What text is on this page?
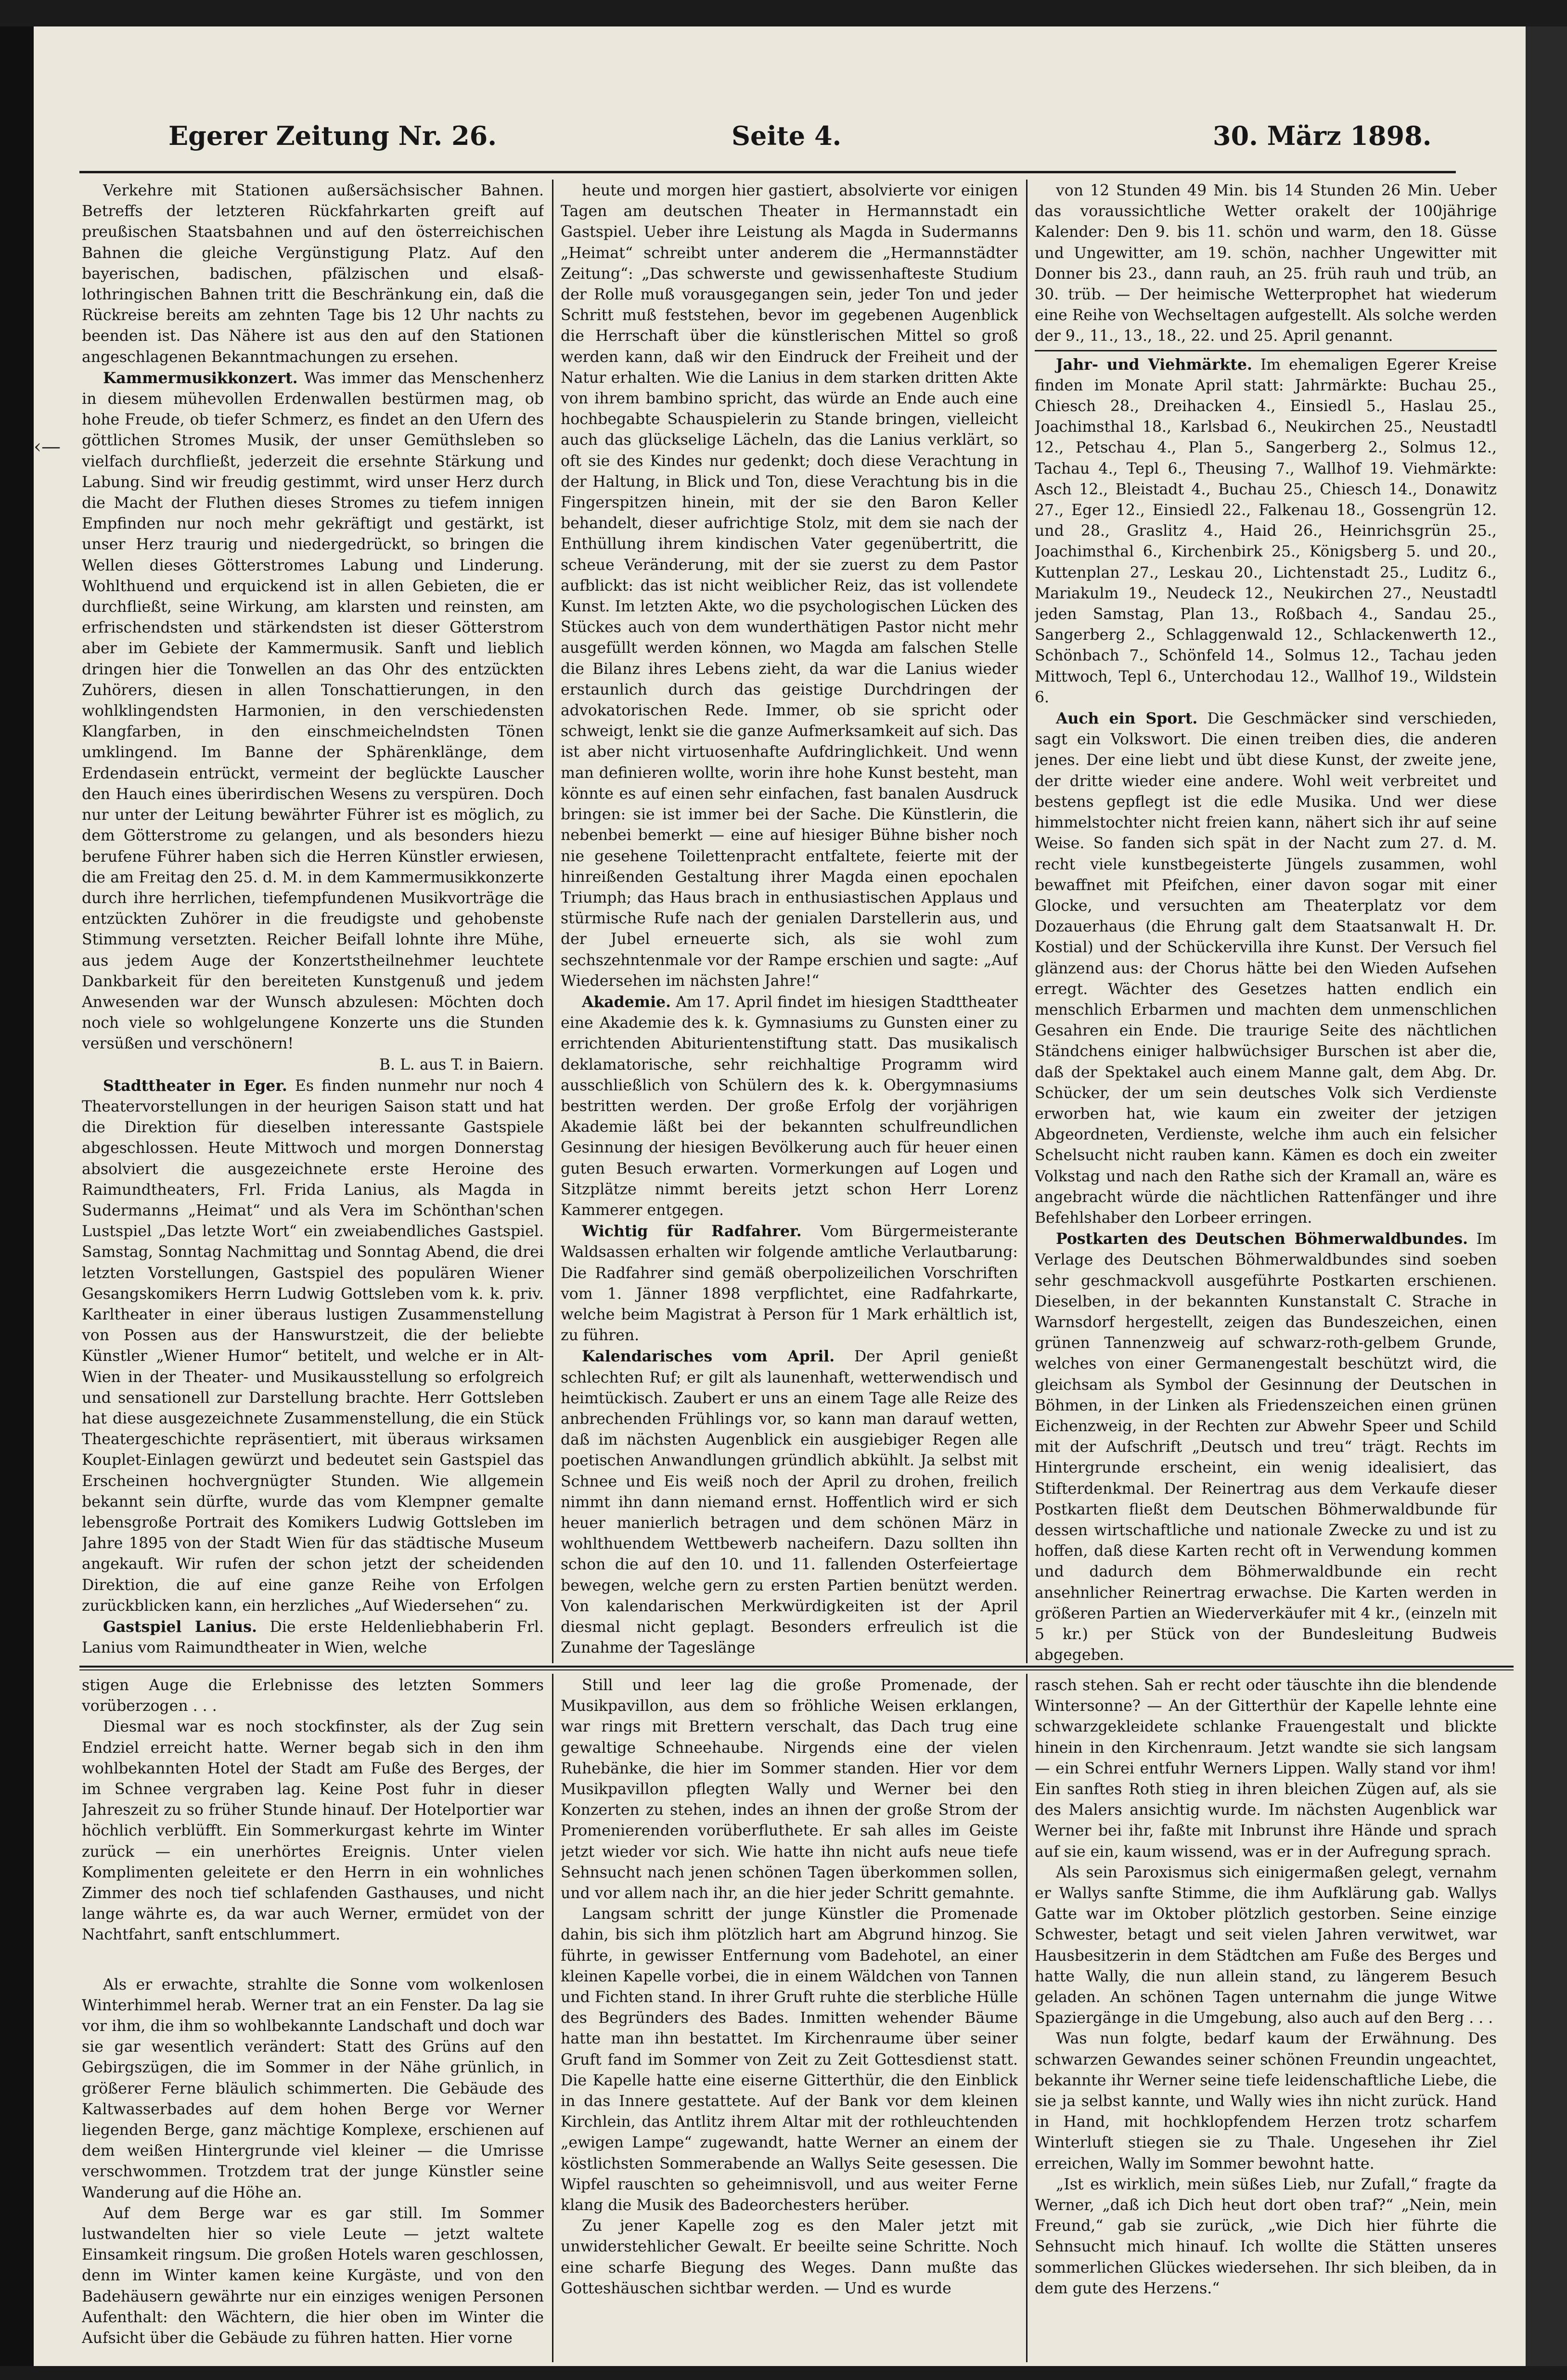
Egerer Zeitung Nr. 26.	Seite 4.	30. März 1898.
‹—

Verkehre mit Stationen außersächsischer Bahnen. Betreffs der letzteren Rückfahrkarten greift auf preußischen Staatsbahnen und auf den österreichischen Bahnen die gleiche Vergünstigung Platz. Auf den bayerischen, badischen, pfälzischen und elsaß-lothringischen Bahnen tritt die Beschränkung ein, daß die Rückreise bereits am zehnten Tage bis 12 Uhr nachts zu beenden ist. Das Nähere ist aus den auf den Stationen angeschlagenen Bekanntmachungen zu ersehen.

Kammermusikkonzert. Was immer das Menschenherz in diesem mühevollen Erdenwallen bestürmen mag, ob hohe Freude, ob tiefer Schmerz, es findet an den Ufern des göttlichen Stromes Musik, der unser Gemüthsleben so vielfach durchfließt, jederzeit die ersehnte Stärkung und Labung. Sind wir freudig gestimmt, wird unser Herz durch die Macht der Fluthen dieses Stromes zu tiefem innigen Empfinden nur noch mehr gekräftigt und gestärkt, ist unser Herz traurig und niedergedrückt, so bringen die Wellen dieses Götterstromes Labung und Linderung. Wohlthuend und erquickend ist in allen Gebieten, die er durchfließt, seine Wirkung, am klarsten und reinsten, am erfrischendsten und stärkendsten ist dieser Götterstrom aber im Gebiete der Kammermusik. Sanft und lieblich dringen hier die Tonwellen an das Ohr des entzückten Zuhörers, diesen in allen Tonschattierungen, in den wohlklingendsten Harmonien, in den verschiedensten Klangfarben, in den einschmeichelndsten Tönen umklingend. Im Banne der Sphärenklänge, dem Erdendasein entrückt, vermeint der beglückte Lauscher den Hauch eines überirdischen Wesens zu verspüren. Doch nur unter der Leitung bewährter Führer ist es möglich, zu dem Götterstrome zu gelangen, und als besonders hiezu berufene Führer haben sich die Herren Künstler erwiesen, die am Freitag den 25. d. M. in dem Kammermusikkonzerte durch ihre herrlichen, tiefempfundenen Musikvorträge die entzückten Zuhörer in die freudigste und gehobenste Stimmung versetzten. Reicher Beifall lohnte ihre Mühe, aus jedem Auge der Konzertstheilnehmer leuchtete Dankbarkeit für den bereiteten Kunstgenuß und jedem Anwesenden war der Wunsch abzulesen: Möchten doch noch viele so wohlgelungene Konzerte uns die Stunden versüßen und verschönern!

B. L. aus T. in Baiern.

Stadttheater in Eger. Es finden nunmehr nur noch 4 Theatervorstellungen in der heurigen Saison statt und hat die Direktion für dieselben interessante Gastspiele abgeschlossen. Heute Mittwoch und morgen Donnerstag absolviert die ausgezeichnete erste Heroine des Raimundtheaters, Frl. Frida Lanius, als Magda in Sudermanns „Heimat“ und als Vera im Schönthan'schen Lustspiel „Das letzte Wort“ ein zweiabendliches Gastspiel. Samstag, Sonntag Nachmittag und Sonntag Abend, die drei letzten Vorstellungen, Gastspiel des populären Wiener Gesangskomikers Herrn Ludwig Gottsleben vom k. k. priv. Karltheater in einer überaus lustigen Zusammenstellung von Possen aus der Hanswurstzeit, die der beliebte Künstler „Wiener Humor“ betitelt, und welche er in Alt-Wien in der Theater- und Musikausstellung so erfolgreich und sensationell zur Darstellung brachte. Herr Gottsleben hat diese ausgezeichnete Zusammenstellung, die ein Stück Theatergeschichte repräsentiert, mit überaus wirksamen Kouplet-Einlagen gewürzt und bedeutet sein Gastspiel das Erscheinen hochvergnügter Stunden. Wie allgemein bekannt sein dürfte, wurde das vom Klempner gemalte lebensgroße Portrait des Komikers Ludwig Gottsleben im Jahre 1895 von der Stadt Wien für das städtische Museum angekauft. Wir rufen der schon jetzt der scheidenden Direktion, die auf eine ganze Reihe von Erfolgen zurückblicken kann, ein herzliches „Auf Wiedersehen“ zu.

Gastspiel Lanius. Die erste Heldenliebhaberin Frl. Lanius vom Raimundtheater in Wien, welche

heute und morgen hier gastiert, absolvierte vor einigen Tagen am deutschen Theater in Hermannstadt ein Gastspiel. Ueber ihre Leistung als Magda in Sudermanns „Heimat“ schreibt unter anderem die „Hermannstädter Zeitung“: „Das schwerste und gewissenhafteste Studium der Rolle muß vorausgegangen sein, jeder Ton und jeder Schritt muß feststehen, bevor im gegebenen Augenblick die Herrschaft über die künstlerischen Mittel so groß werden kann, daß wir den Eindruck der Freiheit und der Natur erhalten. Wie die Lanius in dem starken dritten Akte von ihrem bambino spricht, das würde an Ende auch eine hochbegabte Schauspielerin zu Stande bringen, vielleicht auch das glückselige Lächeln, das die Lanius verklärt, so oft sie des Kindes nur gedenkt; doch diese Verachtung in der Haltung, in Blick und Ton, diese Verachtung bis in die Fingerspitzen hinein, mit der sie den Baron Keller behandelt, dieser aufrichtige Stolz, mit dem sie nach der Enthüllung ihrem kindischen Vater gegenübertritt, die scheue Veränderung, mit der sie zuerst zu dem Pastor aufblickt: das ist nicht weiblicher Reiz, das ist vollendete Kunst. Im letzten Akte, wo die psychologischen Lücken des Stückes auch von dem wunderthätigen Pastor nicht mehr ausgefüllt werden können, wo Magda am falschen Stelle die Bilanz ihres Lebens zieht, da war die Lanius wieder erstaunlich durch das geistige Durchdringen der advokatorischen Rede. Immer, ob sie spricht oder schweigt, lenkt sie die ganze Aufmerksamkeit auf sich. Das ist aber nicht virtuosenhafte Aufdringlichkeit. Und wenn man definieren wollte, worin ihre hohe Kunst besteht, man könnte es auf einen sehr einfachen, fast banalen Ausdruck bringen: sie ist immer bei der Sache. Die Künstlerin, die nebenbei bemerkt — eine auf hiesiger Bühne bisher noch nie gesehene Toilettenpracht entfaltete, feierte mit der hinreißenden Gestaltung ihrer Magda einen epochalen Triumph; das Haus brach in enthusiastischen Applaus und stürmische Rufe nach der genialen Darstellerin aus, und der Jubel erneuerte sich, als sie wohl zum sechszehntenmale vor der Rampe erschien und sagte: „Auf Wiedersehen im nächsten Jahre!“

Akademie. Am 17. April findet im hiesigen Stadttheater eine Akademie des k. k. Gymnasiums zu Gunsten einer zu errichtenden Abiturientenstiftung statt. Das musikalisch deklamatorische, sehr reichhaltige Programm wird ausschließlich von Schülern des k. k. Obergymnasiums bestritten werden. Der große Erfolg der vorjährigen Akademie läßt bei der bekannten schulfreundlichen Gesinnung der hiesigen Bevölkerung auch für heuer einen guten Besuch erwarten. Vormerkungen auf Logen und Sitzplätze nimmt bereits jetzt schon Herr Lorenz Kammerer entgegen.

Wichtig für Radfahrer. Vom Bürgermeisterante Waldsassen erhalten wir folgende amtliche Verlautbarung: Die Radfahrer sind gemäß oberpolizeilichen Vorschriften vom 1. Jänner 1898 verpflichtet, eine Radfahrkarte, welche beim Magistrat à Person für 1 Mark erhältlich ist, zu führen.

Kalendarisches vom April. Der April genießt schlechten Ruf; er gilt als launenhaft, wetterwendisch und heimtückisch. Zaubert er uns an einem Tage alle Reize des anbrechenden Frühlings vor, so kann man darauf wetten, daß im nächsten Augenblick ein ausgiebiger Regen alle poetischen Anwandlungen gründlich abkühlt. Ja selbst mit Schnee und Eis weiß noch der April zu drohen, freilich nimmt ihn dann niemand ernst. Hoffentlich wird er sich heuer manierlich betragen und dem schönen März in wohlthuendem Wettbewerb nacheifern. Dazu sollten ihn schon die auf den 10. und 11. fallenden Osterfeiertage bewegen, welche gern zu ersten Partien benützt werden. Von kalendarischen Merkwürdigkeiten ist der April diesmal nicht geplagt. Besonders erfreulich ist die Zunahme der Tageslänge

von 12 Stunden 49 Min. bis 14 Stunden 26 Min. Ueber das voraussichtliche Wetter orakelt der 100jährige Kalender: Den 9. bis 11. schön und warm, den 18. Güsse und Ungewitter, am 19. schön, nachher Ungewitter mit Donner bis 23., dann rauh, an 25. früh rauh und trüb, an 30. trüb. — Der heimische Wetterprophet hat wiederum eine Reihe von Wechseltagen aufgestellt. Als solche werden der 9., 11., 13., 18., 22. und 25. April genannt.

Jahr- und Viehmärkte. Im ehemaligen Egerer Kreise finden im Monate April statt: Jahrmärkte: Buchau 25., Chiesch 28., Dreihacken 4., Einsiedl 5., Haslau 25., Joachimsthal 18., Karlsbad 6., Neukirchen 25., Neustadtl 12., Petschau 4., Plan 5., Sangerberg 2., Solmus 12., Tachau 4., Tepl 6., Theusing 7., Wallhof 19. Viehmärkte: Asch 12., Bleistadt 4., Buchau 25., Chiesch 14., Donawitz 27., Eger 12., Einsiedl 22., Falkenau 18., Gossengrün 12. und 28., Graslitz 4., Haid 26., Heinrichsgrün 25., Joachimsthal 6., Kirchenbirk 25., Königsberg 5. und 20., Kuttenplan 27., Leskau 20., Lichtenstadt 25., Luditz 6., Mariakulm 19., Neudeck 12., Neukirchen 27., Neustadtl jeden Samstag, Plan 13., Roßbach 4., Sandau 25., Sangerberg 2., Schlaggenwald 12., Schlackenwerth 12., Schönbach 7., Schönfeld 14., Solmus 12., Tachau jeden Mittwoch, Tepl 6., Unterchodau 12., Wallhof 19., Wildstein 6.

Auch ein Sport. Die Geschmäcker sind verschieden, sagt ein Volkswort. Die einen treiben dies, die anderen jenes. Der eine liebt und übt diese Kunst, der zweite jene, der dritte wieder eine andere. Wohl weit verbreitet und bestens gepflegt ist die edle Musika. Und wer diese himmelstochter nicht freien kann, nähert sich ihr auf seine Weise. So fanden sich spät in der Nacht zum 27. d. M. recht viele kunstbegeisterte Jüngels zusammen, wohl bewaffnet mit Pfeifchen, einer davon sogar mit einer Glocke, und versuchten am Theaterplatz vor dem Dozauerhaus (die Ehrung galt dem Staatsanwalt H. Dr. Kostial) und der Schückervilla ihre Kunst. Der Versuch fiel glänzend aus: der Chorus hätte bei den Wieden Aufsehen erregt. Wächter des Gesetzes hatten endlich ein menschlich Erbarmen und machten dem unmenschlichen Gesahren ein Ende. Die traurige Seite des nächtlichen Ständchens einiger halbwüchsiger Burschen ist aber die, daß der Spektakel auch einem Manne galt, dem Abg. Dr. Schücker, der um sein deutsches Volk sich Verdienste erworben hat, wie kaum ein zweiter der jetzigen Abgeordneten, Verdienste, welche ihm auch ein felsicher Schelsucht nicht rauben kann. Kämen es doch ein zweiter Volkstag und nach den Rathe sich der Kramall an, wäre es angebracht würde die nächtlichen Rattenfänger und ihre Befehlshaber den Lorbeer erringen.

Postkarten des Deutschen Böhmerwaldbundes. Im Verlage des Deutschen Böhmerwaldbundes sind soeben sehr geschmackvoll ausgeführte Postkarten erschienen. Dieselben, in der bekannten Kunstanstalt C. Strache in Warnsdorf hergestellt, zeigen das Bundeszeichen, einen grünen Tannenzweig auf schwarz-roth-gelbem Grunde, welches von einer Germanengestalt beschützt wird, die gleichsam als Symbol der Gesinnung der Deutschen in Böhmen, in der Linken als Friedenszeichen einen grünen Eichenzweig, in der Rechten zur Abwehr Speer und Schild mit der Aufschrift „Deutsch und treu“ trägt. Rechts im Hintergrunde erscheint, ein wenig idealisiert, das Stifterdenkmal. Der Reinertrag aus dem Verkaufe dieser Postkarten fließt dem Deutschen Böhmerwaldbunde für dessen wirtschaftliche und nationale Zwecke zu und ist zu hoffen, daß diese Karten recht oft in Verwendung kommen und dadurch dem Böhmerwaldbunde ein recht ansehnlicher Reinertrag erwachse. Die Karten werden in größeren Partien an Wiederverkäufer mit 4 kr., (einzeln mit 5 kr.) per Stück von der Bundesleitung Budweis abgegeben.

stigen Auge die Erlebnisse des letzten Sommers vorüberzogen . . .

Diesmal war es noch stockfinster, als der Zug sein Endziel erreicht hatte. Werner begab sich in den ihm wohlbekannten Hotel der Stadt am Fuße des Berges, der im Schnee vergraben lag. Keine Post fuhr in dieser Jahreszeit zu so früher Stunde hinauf. Der Hotelportier war höchlich verblüfft. Ein Sommerkurgast kehrte im Winter zurück — ein unerhörtes Ereignis. Unter vielen Komplimenten geleitete er den Herrn in ein wohnliches Zimmer des noch tief schlafenden Gasthauses, und nicht lange währte es, da war auch Werner, ermüdet von der Nachtfahrt, sanft entschlummert.

Als er erwachte, strahlte die Sonne vom wolkenlosen Winterhimmel herab. Werner trat an ein Fenster. Da lag sie vor ihm, die ihm so wohlbekannte Landschaft und doch war sie gar wesentlich verändert: Statt des Grüns auf den Gebirgszügen, die im Sommer in der Nähe grünlich, in größerer Ferne bläulich schimmerten. Die Gebäude des Kaltwasserbades auf dem hohen Berge vor Werner liegenden Berge, ganz mächtige Komplexe, erschienen auf dem weißen Hintergrunde viel kleiner — die Umrisse verschwommen. Trotzdem trat der junge Künstler seine Wanderung auf die Höhe an.

Auf dem Berge war es gar still. Im Sommer lustwandelten hier so viele Leute — jetzt waltete Einsamkeit ringsum. Die großen Hotels waren geschlossen, denn im Winter kamen keine Kurgäste, und von den Badehäusern gewährte nur ein einziges wenigen Personen Aufenthalt: den Wächtern, die hier oben im Winter die Aufsicht über die Gebäude zu führen hatten. Hier vorne

Still und leer lag die große Promenade, der Musikpavillon, aus dem so fröhliche Weisen erklangen, war rings mit Brettern verschalt, das Dach trug eine gewaltige Schneehaube. Nirgends eine der vielen Ruhebänke, die hier im Sommer standen. Hier vor dem Musikpavillon pflegten Wally und Werner bei den Konzerten zu stehen, indes an ihnen der große Strom der Promenierenden vorüberfluthete. Er sah alles im Geiste jetzt wieder vor sich. Wie hatte ihn nicht aufs neue tiefe Sehnsucht nach jenen schönen Tagen überkommen sollen, und vor allem nach ihr, an die hier jeder Schritt gemahnte.

Langsam schritt der junge Künstler die Promenade dahin, bis sich ihm plötzlich hart am Abgrund hinzog. Sie führte, in gewisser Entfernung vom Badehotel, an einer kleinen Kapelle vorbei, die in einem Wäldchen von Tannen und Fichten stand. In ihrer Gruft ruhte die sterbliche Hülle des Begründers des Bades. Inmitten wehender Bäume hatte man ihn bestattet. Im Kirchenraume über seiner Gruft fand im Sommer von Zeit zu Zeit Gottesdienst statt. Die Kapelle hatte eine eiserne Gitterthür, die den Einblick in das Innere gestattete. Auf der Bank vor dem kleinen Kirchlein, das Antlitz ihrem Altar mit der rothleuchtenden „ewigen Lampe“ zugewandt, hatte Werner an einem der köstlichsten Sommerabende an Wallys Seite gesessen. Die Wipfel rauschten so geheimnisvoll, und aus weiter Ferne klang die Musik des Badeorchesters herüber.

Zu jener Kapelle zog es den Maler jetzt mit unwiderstehlicher Gewalt. Er beeilte seine Schritte. Noch eine scharfe Biegung des Weges. Dann mußte das Gotteshäuschen sichtbar werden. — Und es wurde

rasch stehen. Sah er recht oder täuschte ihn die blendende Wintersonne? — An der Gitterthür der Kapelle lehnte eine schwarzgekleidete schlanke Frauengestalt und blickte hinein in den Kirchenraum. Jetzt wandte sie sich langsam — ein Schrei entfuhr Werners Lippen. Wally stand vor ihm! Ein sanftes Roth stieg in ihren bleichen Zügen auf, als sie des Malers ansichtig wurde. Im nächsten Augenblick war Werner bei ihr, faßte mit Inbrunst ihre Hände und sprach auf sie ein, kaum wissend, was er in der Aufregung sprach.

Als sein Paroxismus sich einigermaßen gelegt, vernahm er Wallys sanfte Stimme, die ihm Aufklärung gab. Wallys Gatte war im Oktober plötzlich gestorben. Seine einzige Schwester, betagt und seit vielen Jahren verwitwet, war Hausbesitzerin in dem Städtchen am Fuße des Berges und hatte Wally, die nun allein stand, zu längerem Besuch geladen. An schönen Tagen unternahm die junge Witwe Spaziergänge in die Umgebung, also auch auf den Berg . . .

Was nun folgte, bedarf kaum der Erwähnung. Des schwarzen Gewandes seiner schönen Freundin ungeachtet, bekannte ihr Werner seine tiefe leidenschaftliche Liebe, die sie ja selbst kannte, und Wally wies ihn nicht zurück. Hand in Hand, mit hochklopfendem Herzen trotz scharfem Winterluft stiegen sie zu Thale. Ungesehen ihr Ziel erreichen, Wally im Sommer bewohnt hatte.

„Ist es wirklich, mein süßes Lieb, nur Zufall,“ fragte da Werner, „daß ich Dich heut dort oben traf?“ „Nein, mein Freund,“ gab sie zurück, „wie Dich hier führte die Sehnsucht mich hinauf. Ich wollte die Stätten unseres sommerlichen Glückes wiedersehen. Ihr sich bleiben, da in dem gute des Herzens.“
